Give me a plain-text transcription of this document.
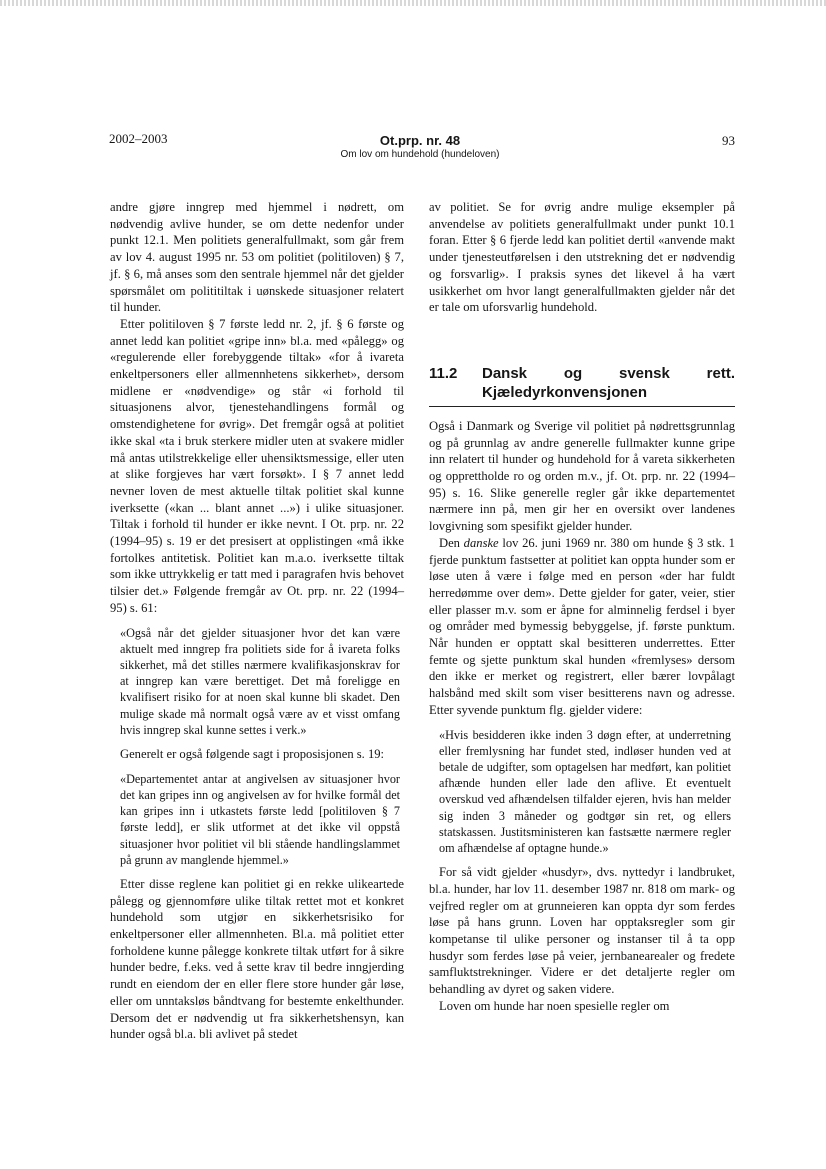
2002–2003	Ot.prp. nr. 48
Om lov om hundehold (hundeloven)
93

andre gjøre inngrep med hjemmel i nødrett, om nødvendig avlive hunder, se om dette nedenfor under punkt 12.1. Men politiets generalfullmakt, som går frem av lov 4. august 1995 nr. 53 om politiet (politiloven) § 7, jf. § 6, må anses som den sentrale hjemmel når det gjelder spørsmålet om polititiltak i uønskede situasjoner relatert til hunder.

Etter politiloven § 7 første ledd nr. 2, jf. § 6 første og annet ledd kan politiet «gripe inn» bl.a. med «pålegg» og «regulerende eller forebyggende tiltak» «for å ivareta enkeltpersoners eller allmennhetens sikkerhet», dersom midlene er «nødvendige» og står «i forhold til situasjonens alvor, tjenestehandlingens formål og omstendighetene for øvrig». Det fremgår også at politiet ikke skal «ta i bruk sterkere midler uten at svakere midler må antas utilstrekkelige eller uhensiktsmessige, eller uten at slike forgjeves har vært forsøkt». I § 7 annet ledd nevner loven de mest aktuelle tiltak politiet skal kunne iverksette («kan ... blant annet ...») i ulike situasjoner. Tiltak i forhold til hunder er ikke nevnt. I Ot. prp. nr. 22 (1994–95) s. 19 er det presisert at opplistingen «må ikke fortolkes antitetisk. Politiet kan m.a.o. iverksette tiltak som ikke uttrykkelig er tatt med i paragrafen hvis behovet tilsier det.» Følgende fremgår av Ot. prp. nr. 22 (1994–95) s. 61:

«Også når det gjelder situasjoner hvor det kan være aktuelt med inngrep fra politiets side for å ivareta folks sikkerhet, må det stilles nærmere kvalifikasjonskrav for at inngrep kan være berettiget. Det må foreligge en kvalifisert risiko for at noen skal kunne bli skadet. Den mulige skade må normalt også være av et visst omfang hvis inngrep skal kunne settes i verk.»

Generelt er også følgende sagt i proposisjonen s. 19:

«Departementet antar at angivelsen av situasjoner hvor det kan gripes inn og angivelsen av for hvilke formål det kan gripes inn i utkastets første ledd [politiloven § 7 første ledd], er slik utformet at det ikke vil oppstå situasjoner hvor politiet vil bli stående handlingslammet på grunn av manglende hjemmel.»

Etter disse reglene kan politiet gi en rekke ulikeartede pålegg og gjennomføre ulike tiltak rettet mot et konkret hundehold som utgjør en sikkerhetsrisiko for enkeltpersoner eller allmennheten. Bl.a. må politiet etter forholdene kunne pålegge konkrete tiltak utført for å sikre hunder bedre, f.eks. ved å sette krav til bedre inngjerding rundt en eiendom der en eller flere store hunder går løse, eller om unntaksløs båndtvang for bestemte enkelthunder. Dersom det er nødvendig ut fra sikkerhetshensyn, kan hunder også bl.a. bli avlivet på stedet

av politiet. Se for øvrig andre mulige eksempler på anvendelse av politiets generalfullmakt under punkt 10.1 foran. Etter § 6 fjerde ledd kan politiet dertil «anvende makt under tjenesteutførelsen i den utstrekning det er nødvendig og forsvarlig». I praksis synes det likevel å ha vært usikkerhet om hvor langt generalfullmakten gjelder når det er tale om uforsvarlig hundehold.

11.2	Dansk og svensk rett. Kjæledyrkonvensjonen

Også i Danmark og Sverige vil politiet på nødrettsgrunnlag og på grunnlag av andre generelle fullmakter kunne gripe inn relatert til hunder og hundehold for å vareta sikkerheten og opprettholde ro og orden m.v., jf. Ot. prp. nr. 22 (1994–95) s. 16. Slike generelle regler går ikke departementet nærmere inn på, men gir her en oversikt over landenes lovgivning som spesifikt gjelder hunder.

Den danske lov 26. juni 1969 nr. 380 om hunde § 3 stk. 1 fjerde punktum fastsetter at politiet kan oppta hunder som er løse uten å være i følge med en person «der har fuldt herredømme over dem». Dette gjelder for gater, veier, stier eller plasser m.v. som er åpne for alminnelig ferdsel i byer og områder med bymessig bebyggelse, jf. første punktum. Når hunden er opptatt skal besitteren underrettes. Etter femte og sjette punktum skal hunden «fremlyses» dersom den ikke er merket og registrert, eller bærer lovpålagt halsbånd med skilt som viser besitterens navn og adresse. Etter syvende punktum flg. gjelder videre:

«Hvis besidderen ikke inden 3 døgn efter, at underretning eller fremlysning har fundet sted, indløser hunden ved at betale de udgifter, som optagelsen har medført, kan politiet afhænde hunden eller lade den aflive. Et eventuelt overskud ved afhændelsen tilfalder ejeren, hvis han melder sig inden 3 måneder og godtgør sin ret, og ellers statskassen. Justitsministeren kan fastsætte nærmere regler om afhændelse af optagne hunde.»

For så vidt gjelder «husdyr», dvs. nyttedyr i landbruket, bl.a. hunder, har lov 11. desember 1987 nr. 818 om mark- og vejfred regler om at grunneieren kan oppta dyr som ferdes løse på hans grunn. Loven har opptaksregler som gir kompetanse til ulike personer og instanser til å ta opp husdyr som ferdes løse på veier, jernbanearealer og fredete samfluktstrekninger. Videre er det detaljerte regler om behandling av dyret og saken videre.

Loven om hunde har noen spesielle regler om
